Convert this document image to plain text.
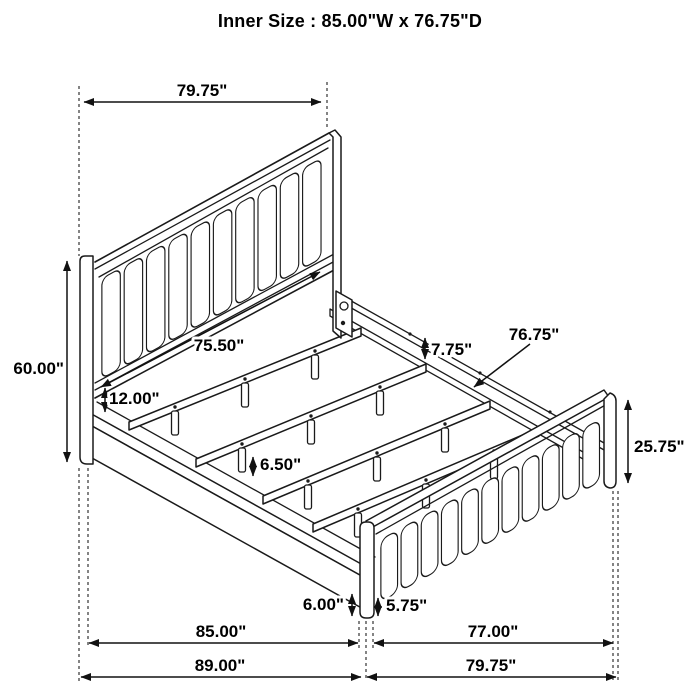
Inner Size : 85.00"W x 76.75"D
79.75"
60.00"
75.50"
12.00"
7.75"
76.75"
25.75"
6.50"
6.00" 5.75"
85.00"
89.00"
77.00"
79.75"
